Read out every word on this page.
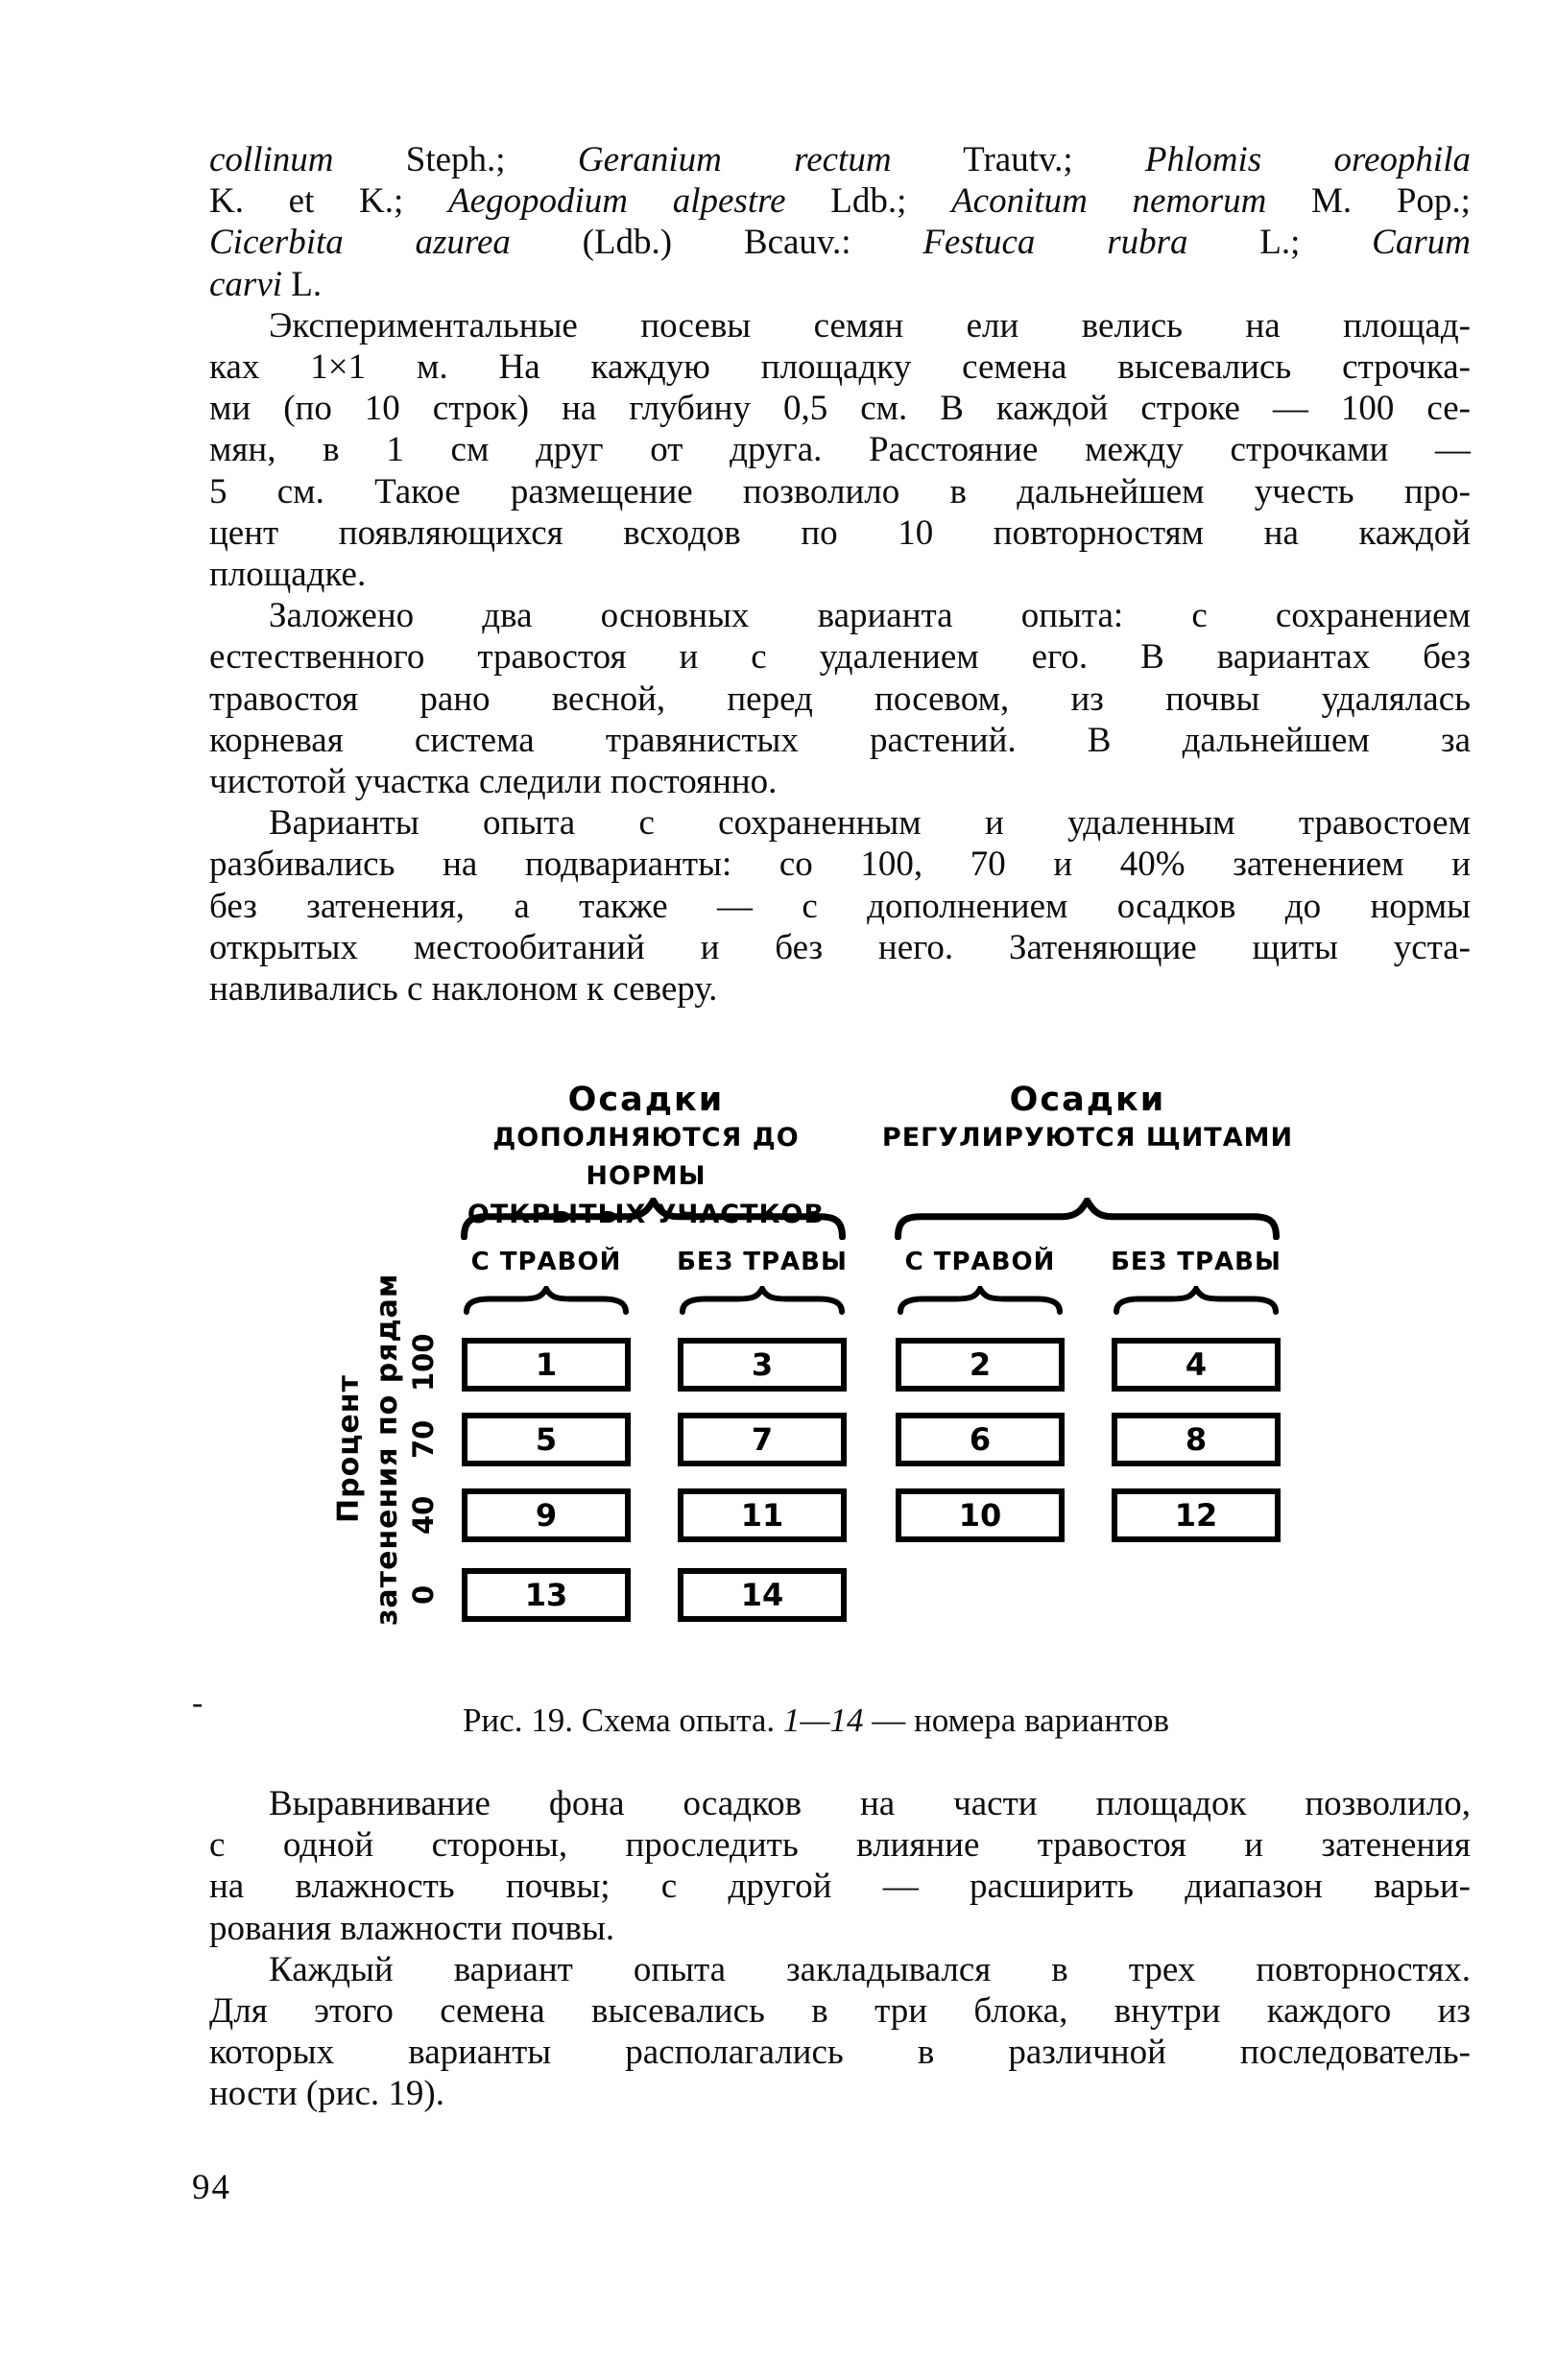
collinum Steph.; Geranium rectum Trautv.; Phlomis oreophila
K. et K.; Aegopodium alpestre Ldb.; Aconitum nemorum M. Pop.;
Cicerbita azurea (Ldb.) Bcauv.: Festuca rubra L.; Carum
carvi L.
Экспериментальные посевы семян ели велись на площад-
ках 1×1 м. На каждую площадку семена высевались строчка-
ми (по 10 строк) на глубину 0,5 см. В каждой строке — 100 се-
мян, в 1 см друг от друга. Расстояние между строчками —
5 см. Такое размещение позволило в дальнейшем учесть про-
цент появляющихся всходов по 10 повторностям на каждой
площадке.
Заложено два основных варианта опыта: с сохранением
естественного травостоя и с удалением его. В вариантах без
травостоя рано весной, перед посевом, из почвы удалялась
корневая система травянистых растений. В дальнейшем за
чистотой участка следили постоянно.
Варианты опыта с сохраненным и удаленным травостоем
разбивались на подварианты: со 100, 70 и 40% затенением и
без затенения, а также — с дополнением осадков до нормы
открытых местообитаний и без него. Затеняющие щиты уста-
навливались с наклоном к северу.
Осадки
ДОПОЛНЯЮТСЯ ДО НОРМЫ
ОТКРЫТЫХ УЧАСТКОВ
Осадки
РЕГУЛИРУЮТСЯ ЩИТАМИ
Процент затенения по рядам
С ТРАВОЙ	БЕЗ ТРАВЫ	С ТРАВОЙ	БЕЗ ТРАВЫ
100	1	3	2	4
70	5	7	6	8
40	9	11	10	12
0	13	14
-	Рис. 19. Схема опыта. 1—14 — номера вариантов
Выравнивание фона осадков на части площадок позволило,
с одной стороны, проследить влияние травостоя и затенения
на влажность почвы; с другой — расширить диапазон варьи-
рования влажности почвы.
Каждый вариант опыта закладывался в трех повторностях.
Для этого семена высевались в три блока, внутри каждого из
которых варианты располагались в различной последователь-
ности (рис. 19).
94
